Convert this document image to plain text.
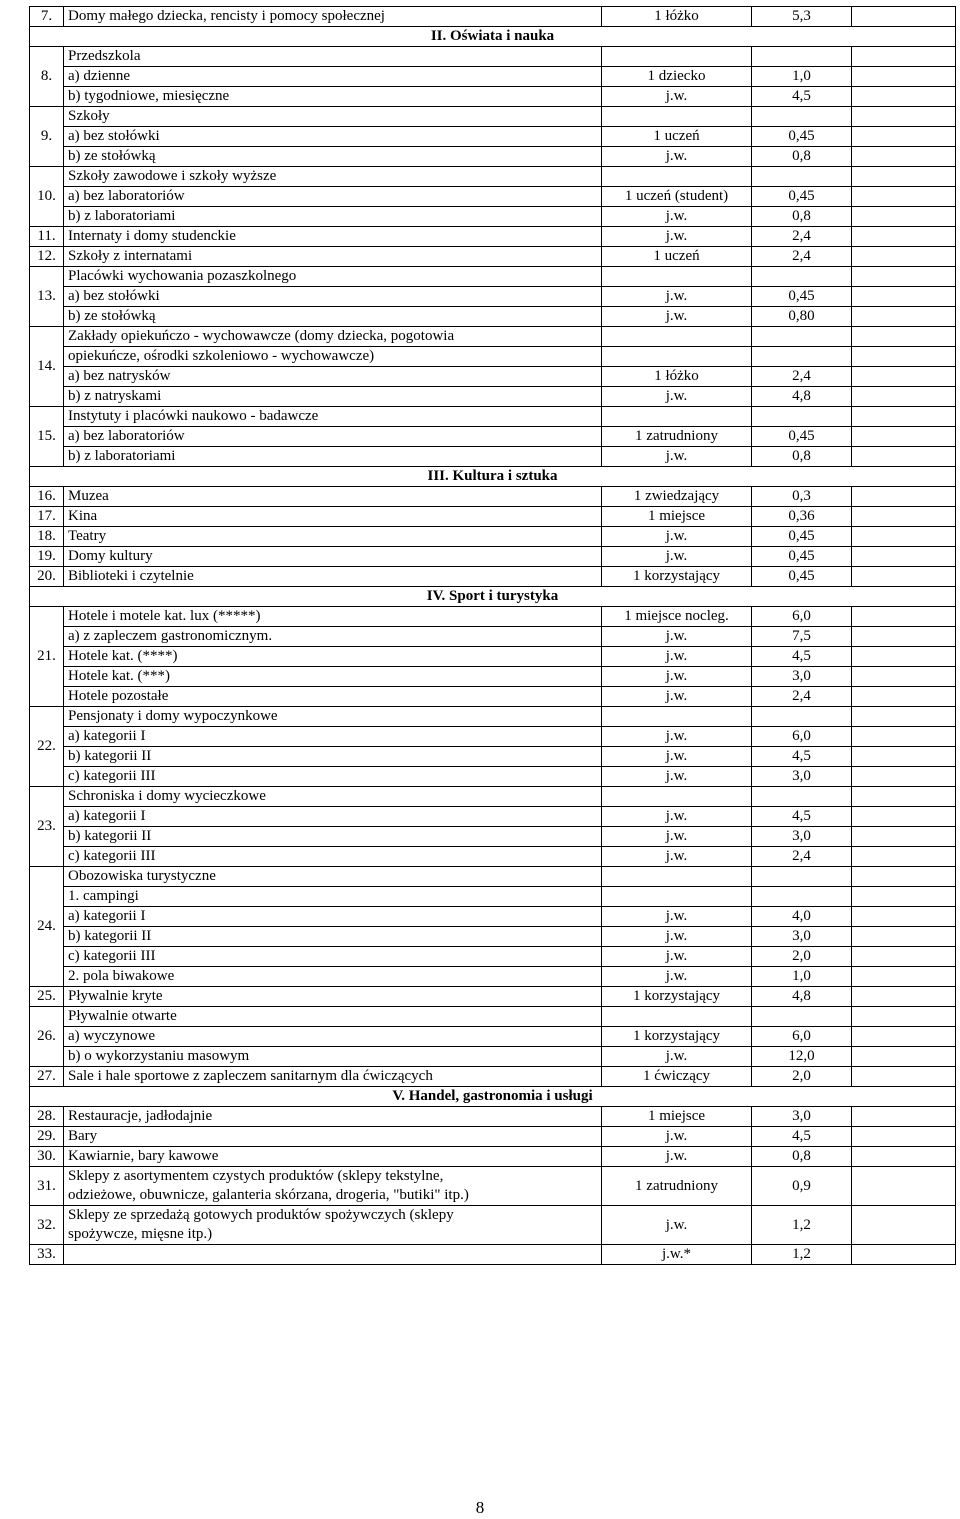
7.	Domy małego dziecka, rencisty i pomocy społecznej	1 łóżko	5,3	
II. Oświata i nauka				
8.	Przedszkola			
	a) dzienne	1 dziecko	1,0	
	b) tygodniowe, miesięczne	j.w.	4,5	
9.	Szkoły			
	a) bez stołówki	1 uczeń	0,45	
	b) ze stołówką	j.w.	0,8	
10.	Szkoły zawodowe i szkoły wyższe			
	a) bez laboratoriów	1 uczeń (student)	0,45	
	b) z laboratoriami	j.w.	0,8	
11.	Internaty i domy studenckie	j.w.	2,4	
12.	Szkoły z internatami	1 uczeń	2,4	
13.	Placówki wychowania pozaszkolnego			
	a) bez stołówki	j.w.	0,45	
	b) ze stołówką	j.w.	0,80	
14.	Zakłady opiekuńczo - wychowawcze (domy dziecka, pogotowia			
	opiekuńcze, ośrodki szkoleniowo - wychowawcze)			
	a) bez natrysków	1 łóżko	2,4	
	b) z natryskami	j.w.	4,8	
15.	Instytuty i placówki naukowo - badawcze			
	a) bez laboratoriów	1 zatrudniony	0,45	
	b) z laboratoriami	j.w.	0,8	
III. Kultura i sztuka				
16.	Muzea	1 zwiedzający	0,3	
17.	Kina	1 miejsce	0,36	
18.	Teatry	j.w.	0,45	
19.	Domy kultury	j.w.	0,45	
20.	Biblioteki i czytelnie	1 korzystający	0,45	
IV. Sport i turystyka				
21.	Hotele i motele kat. lux (*****)	1 miejsce nocleg.	6,0	
	a) z zapleczem gastronomicznym.	j.w.	7,5	
	Hotele kat. (****)	j.w.	4,5	
	Hotele kat. (***)	j.w.	3,0	
	Hotele pozostałe	j.w.	2,4	
22.	Pensjonaty i domy wypoczynkowe			
	a) kategorii I	j.w.	6,0	
	b) kategorii II	j.w.	4,5	
	c) kategorii III	j.w.	3,0	
23.	Schroniska i domy wycieczkowe			
	a) kategorii I	j.w.	4,5	
	b) kategorii II	j.w.	3,0	
	c) kategorii III	j.w.	2,4	
24.	Obozowiska turystyczne			
	1. campingi			
	a) kategorii I	j.w.	4,0	
	b) kategorii II	j.w.	3,0	
	c) kategorii III	j.w.	2,0	
	2. pola biwakowe	j.w.	1,0	
25.	Pływalnie kryte	1 korzystający	4,8	
26.	Pływalnie otwarte			
	a) wyczynowe	1 korzystający	6,0	
	b) o wykorzystaniu masowym	j.w.	12,0	
27.	Sale i hale sportowe z zapleczem sanitarnym dla ćwiczących	1 ćwiczący	2,0	
V. Handel, gastronomia i usługi				
28.	Restauracje, jadłodajnie	1 miejsce	3,0	
29.	Bary	j.w.	4,5	
30.	Kawiarnie, bary kawowe	j.w.	0,8	
31.	Sklepy z asortymentem czystych produktów (sklepy tekstylne,
odzieżowe, obuwnicze, galanteria skórzana, drogeria, "butiki" itp.)	1 zatrudniony	0,9	
32.	Sklepy ze sprzedażą gotowych produktów spożywczych (sklepy
spożywcze, mięsne itp.)	j.w.	1,2	
33.		j.w.*	1,2	
8
